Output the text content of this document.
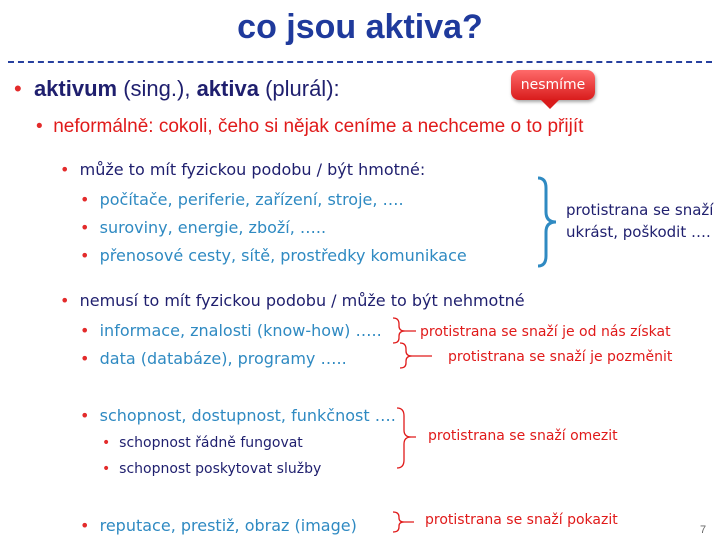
co jsou aktiva?
nesmíme
• aktivum (sing.), aktiva (plurál):
• neformálně: cokoli, čeho si nějak ceníme a nechceme o to přijít
• může to mít fyzickou podobu / být hmotné:
• počítače, periferie, zařízení, stroje, ….
• suroviny, energie, zboží, …..
• přenosové cesty, sítě, prostředky komunikace
protistrana se snaží
ukrást, poškodit ….
• nemusí to mít fyzickou podobu / může to být nehmotné
• informace, znalosti (know-how) …..
• data (databáze), programy …..
• schopnost, dostupnost, funkčnost ….
• schopnost řádně fungovat
• schopnost poskytovat služby
• reputace, prestiž, obraz (image)
protistrana se snaží je od nás získat
protistrana se snaží je pozměnit
protistrana se snaží omezit
protistrana se snaží pokazit
7
